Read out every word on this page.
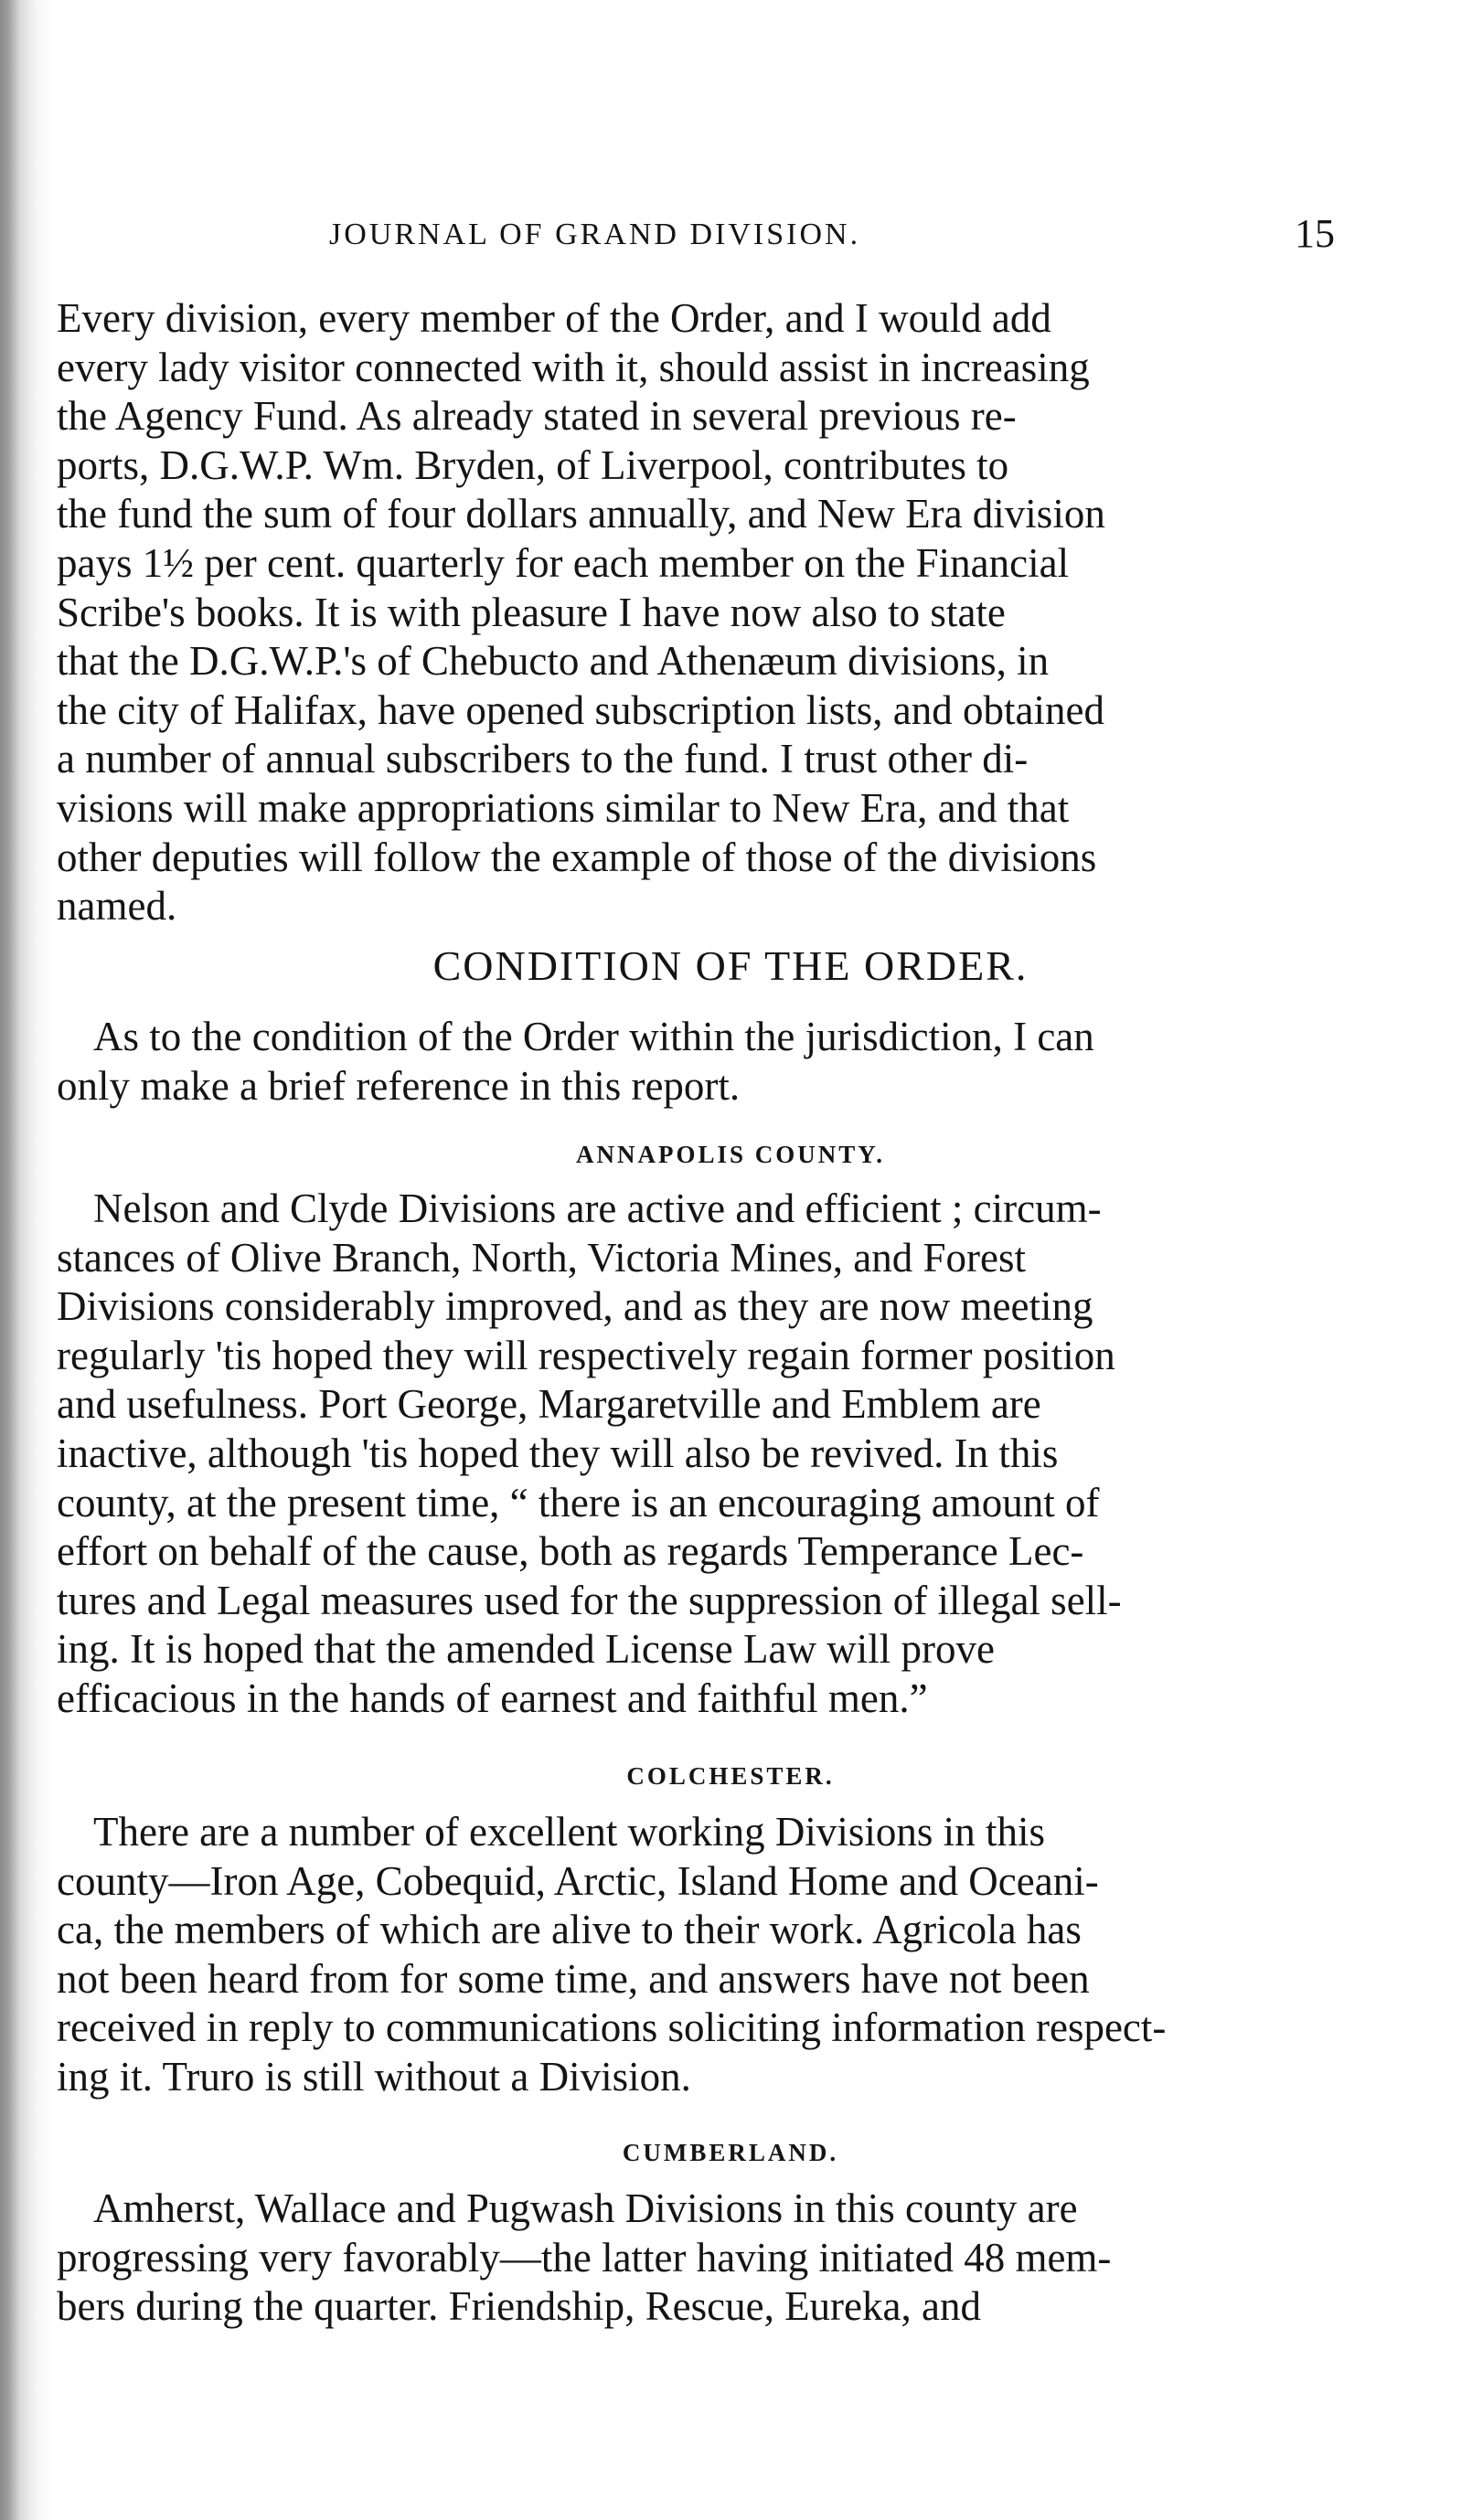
JOURNAL OF GRAND DIVISION.	15
Every division, every member of the Order, and I would add
every lady visitor connected with it, should assist in increasing
the Agency Fund. As already stated in several previous re-
ports, D.G.W.P. Wm. Bryden, of Liverpool, contributes to
the fund the sum of four dollars annually, and New Era division
pays 1½ per cent. quarterly for each member on the Financial
Scribe's books. It is with pleasure I have now also to state
that the D.G.W.P.'s of Chebucto and Athenæum divisions, in
the city of Halifax, have opened subscription lists, and obtained
a number of annual subscribers to the fund. I trust other di-
visions will make appropriations similar to New Era, and that
other deputies will follow the example of those of the divisions
named.
CONDITION OF THE ORDER.
As to the condition of the Order within the jurisdiction, I can
only make a brief reference in this report.
ANNAPOLIS COUNTY.
Nelson and Clyde Divisions are active and efficient ; circum-
stances of Olive Branch, North, Victoria Mines, and Forest
Divisions considerably improved, and as they are now meeting
regularly 'tis hoped they will respectively regain former position
and usefulness. Port George, Margaretville and Emblem are
inactive, although 'tis hoped they will also be revived. In this
county, at the present time, “ there is an encouraging amount of
effort on behalf of the cause, both as regards Temperance Lec-
tures and Legal measures used for the suppression of illegal sell-
ing. It is hoped that the amended License Law will prove
efficacious in the hands of earnest and faithful men.”
COLCHESTER.
There are a number of excellent working Divisions in this
county—Iron Age, Cobequid, Arctic, Island Home and Oceani-
ca, the members of which are alive to their work. Agricola has
not been heard from for some time, and answers have not been
received in reply to communications soliciting information respect-
ing it. Truro is still without a Division.
CUMBERLAND.
Amherst, Wallace and Pugwash Divisions in this county are
progressing very favorably—the latter having initiated 48 mem-
bers during the quarter. Friendship, Rescue, Eureka, and
